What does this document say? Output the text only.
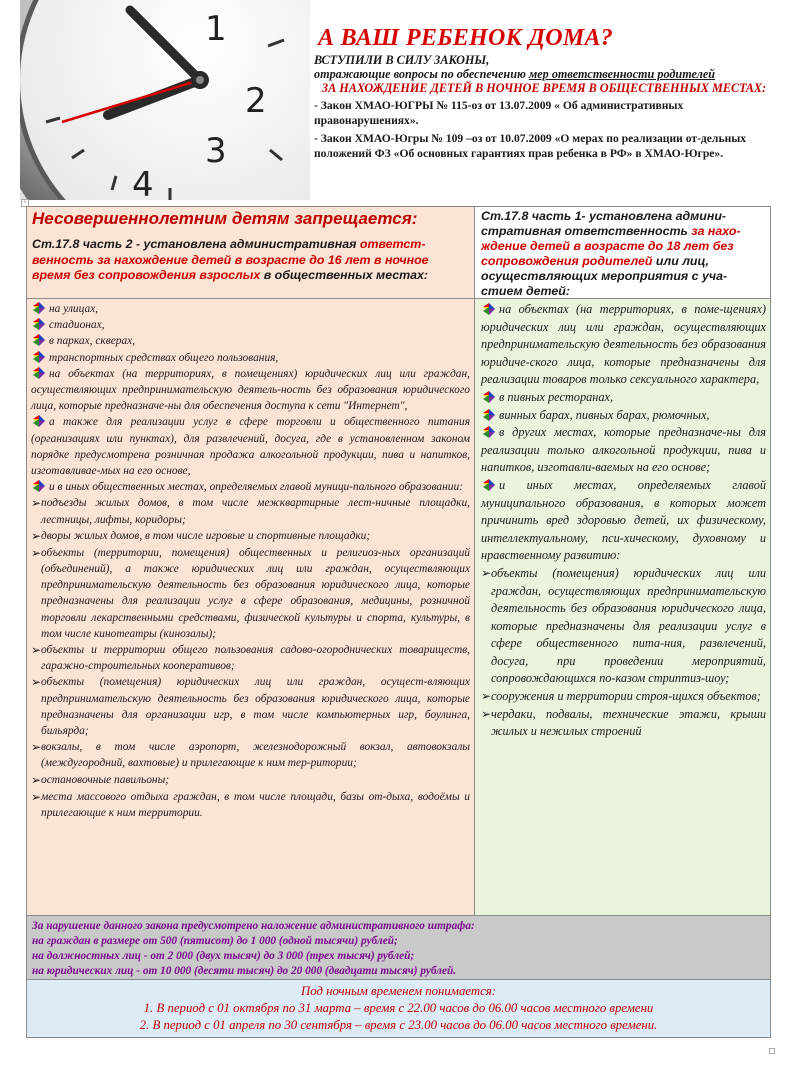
1
2
3
4
А ВАШ РЕБЕНОК ДОМА?
ВСТУПИЛИ В СИЛУ ЗАКОНЫ,
отражающие вопросы по обеспечению мер ответственности родителей
ЗА НАХОЖДЕНИЕ ДЕТЕЙ В НОЧНОЕ ВРЕМЯ В ОБЩЕСТВЕННЫХ МЕСТАХ:
- Закон ХМАО-ЮГРЫ № 115-оз от 13.07.2009 « Об административных правонарушениях».
- Закон ХМАО-Югры № 109 –оз от 10.07.2009 «О мерах по реализации от-дельных положений ФЗ «Об основных гарантиях прав ребенка в РФ» в ХМАО-Югре».
+
Несовершеннолетним детям запрещается:
Ст.17.8 часть 2 - установлена административная ответст-венность за нахождение детей в возрасте до 16 лет в ночное время без сопровождения взрослых в общественных местах:
Ст.17.8 часть 1- установлена админи-стративная ответственность за нахо-ждение детей в возрасте до 18 лет без сопровождения родителей или лиц, осуществляющих мероприятия с уча-стием детей:
на улицах,
стадионах,
в парках, скверах,
транспортных средствах общего пользования,
на объектах (на территориях, в помещениях) юридических лиц или граждан, осуществляющих предпринимательскую деятель-ность без образования юридического лица, которые предназначе-ны для обеспечения доступа к сети "Интернет",
а также для реализации услуг в сфере торговли и общественного питания (организациях или пунктах), для развлечений, досуга, где в установленном законом порядке предусмотрена розничная продажа алкогольной продукции, пива и напитков, изготавливае-мых на его основе,
и в иных общественных местах, определяемых главой муници-пального образовании:
➢ подъезды жилых домов, в том числе межквартирные лест-ничные площадки, лестницы, лифты, коридоры;
➢ дворы жилых домов, в том числе игровые и спортивные площадки;
➢ объекты (территории, помещения) общественных и религиоз-ных организаций (объединений), а также юридических лиц или граждан, осуществляющих предпринимательскую деятельность без образования юридического лица, которые предназначены для реализации услуг в сфере образования, медицины, розничной торговли лекарственными средствами, физической культуры и спорта, культуры, в том числе кинотеатры (кинозалы);
➢ объекты и территории общего пользования садово-огороднических товариществ, гаражно-строительных кооперативов;
➢ объекты (помещения) юридических лиц или граждан, осущест-вляющих предпринимательскую деятельность без образования юридического лица, которые предназначены для организации игр, в том числе компьютерных игр, боулинга, бильярда;
➢ вокзалы, в том числе аэропорт, железнодорожный вокзал, автовокзалы (междугородний, вахтовые) и прилегающие к ним тер-ритории;
➢ остановочные павильоны;
➢ места массового отдыха граждан, в том числе площади, базы от-дыха, водоёмы и прилегающие к ним территории.
на объектах (на территориях, в поме-щениях) юридических лиц или граждан, осуществляющих предпринимательскую деятельность без образования юридиче-ского лица, которые предназначены для реализации товаров только сексуального характера,
в пивных ресторанах,
винных барах, пивных барах, рюмочных,
в других местах, которые предназначе-ны для реализации только алкогольной продукции, пива и напитков, изготавли-ваемых на его основе;
и иных местах, определяемых главой муниципального образования, в которых может причинить вред здоровью детей, их физическому, интеллектуальному, пси-хическому, духовному и нравственному развитию:
➢ объекты (помещения) юридических лиц или граждан, осуществляющих предпринимательскую деятельность без образования юридического лица, которые предназначены для реализации услуг в сфере общественного пита-ния, развлечений, досуга, при проведении мероприятий, сопровождающихся по-казом стриптиз-шоу;
➢ сооружения и территории строя-щихся объектов;
➢ чердаки, подвалы, технические этажи, крыши жилых и нежилых строений
За нарушение данного закона предусмотрено наложение административного штрафа:
на граждан в размере от 500 (пятисот) до 1 000 (одной тысячи) рублей;
на должностных лиц - от 2 000 (двух тысяч) до 3 000 (трех тысяч) рублей;
на юридических лиц - от 10 000 (десяти тысяч) до 20 000 (двадцати тысяч) рублей.
Под ночным временем понимается:
1. В период с 01 октября по 31 марта – время с 22.00 часов до 06.00 часов местного времени
2. В период с 01 апреля по 30 сентября – время с 23.00 часов до 06.00 часов местного времени.
